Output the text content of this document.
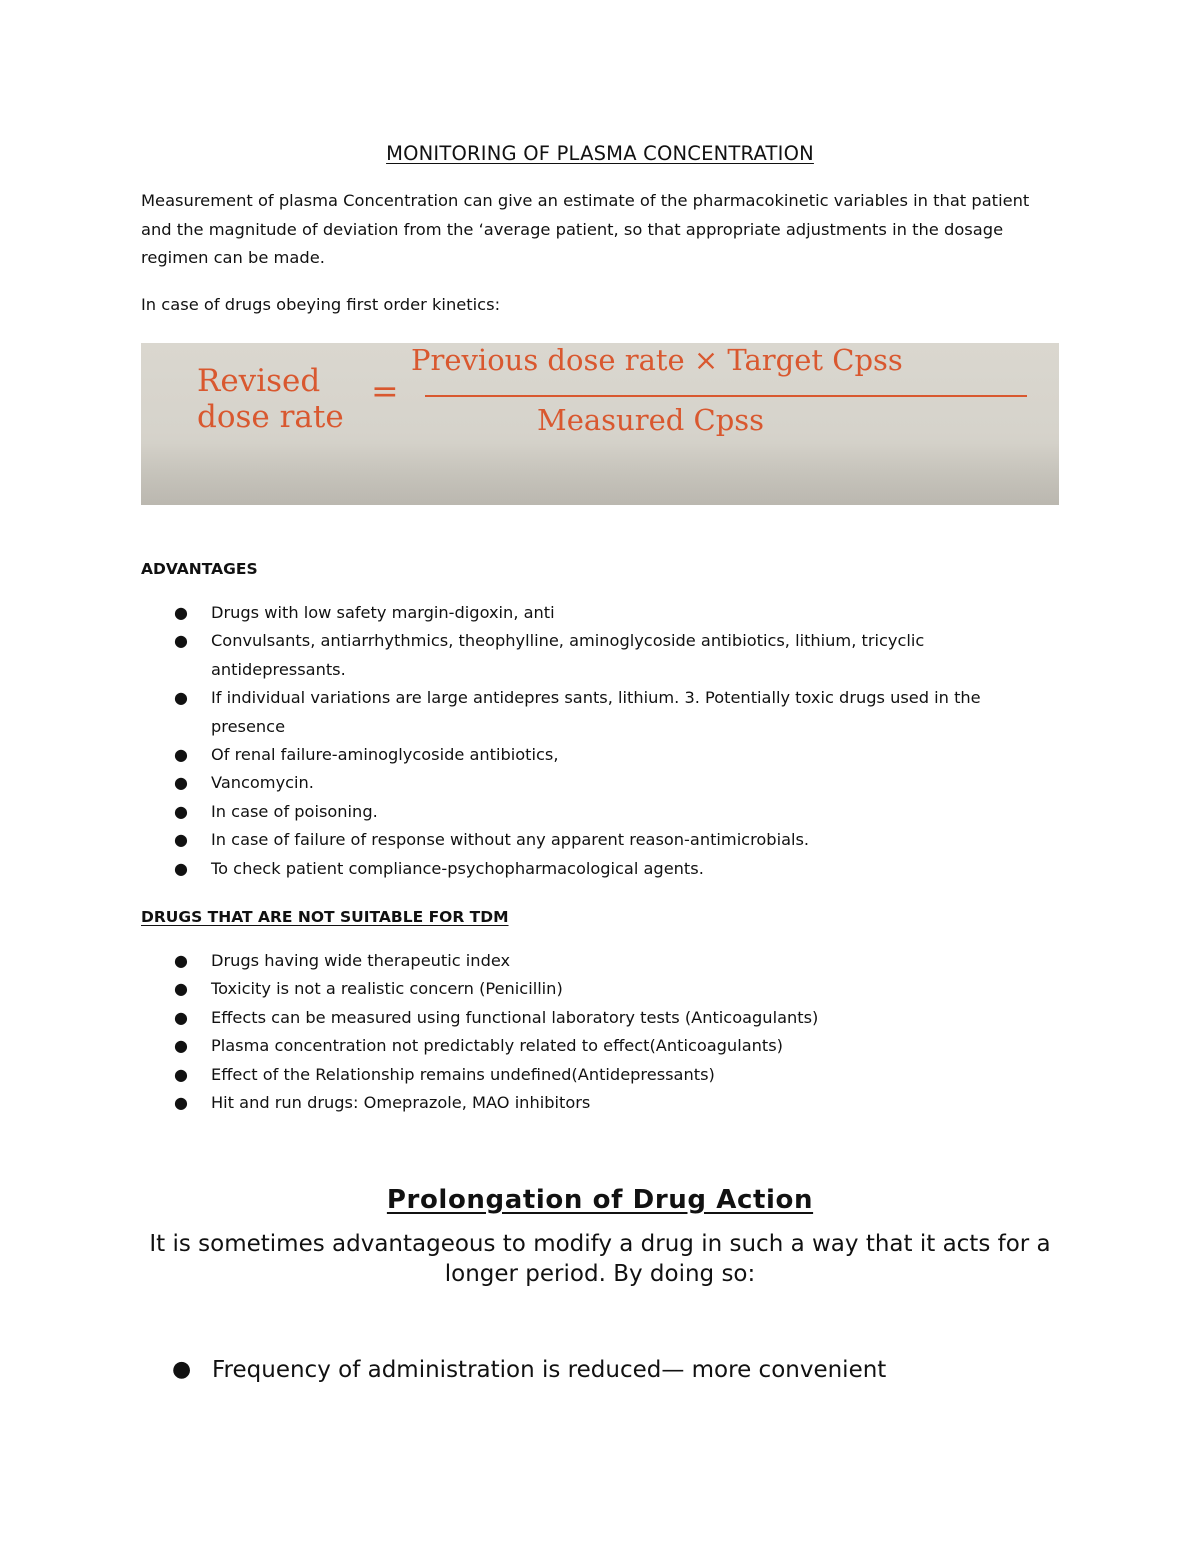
MONITORING OF PLASMA CONCENTRATION

Measurement of plasma Concentration can give an estimate of the pharmacokinetic variables in that patient and the magnitude of deviation from the ‘average patient, so that appropriate adjustments in the dosage regimen can be made.

In case of drugs obeying first order kinetics:

Revised
dose rate
=
Previous dose rate × Target Cpss
Measured Cpss
ADVANTAGES
● Drugs with low safety margin-digoxin, anti
● Convulsants, antiarrhythmics, theophylline, aminoglycoside antibiotics, lithium, tricyclic antidepressants.
● If individual variations are large antidepres sants, lithium. 3. Potentially toxic drugs used in the presence
● Of renal failure-aminoglycoside antibiotics,
● Vancomycin.
● In case of poisoning.
● In case of failure of response without any apparent reason-antimicrobials.
● To check patient compliance-psychopharmacological agents.
DRUGS THAT ARE NOT SUITABLE FOR TDM
● Drugs having wide therapeutic index
● Toxicity is not a realistic concern (Penicillin)
● Effects can be measured using functional laboratory tests (Anticoagulants)
● Plasma concentration not predictably related to effect(Anticoagulants)
● Effect of the Relationship remains undefined(Antidepressants)
● Hit and run drugs: Omeprazole, MAO inhibitors
Prolongation of Drug Action

It is sometimes advantageous to modify a drug in such a way that it acts for a longer period. By doing so:

● Frequency of administration is reduced— more convenient
